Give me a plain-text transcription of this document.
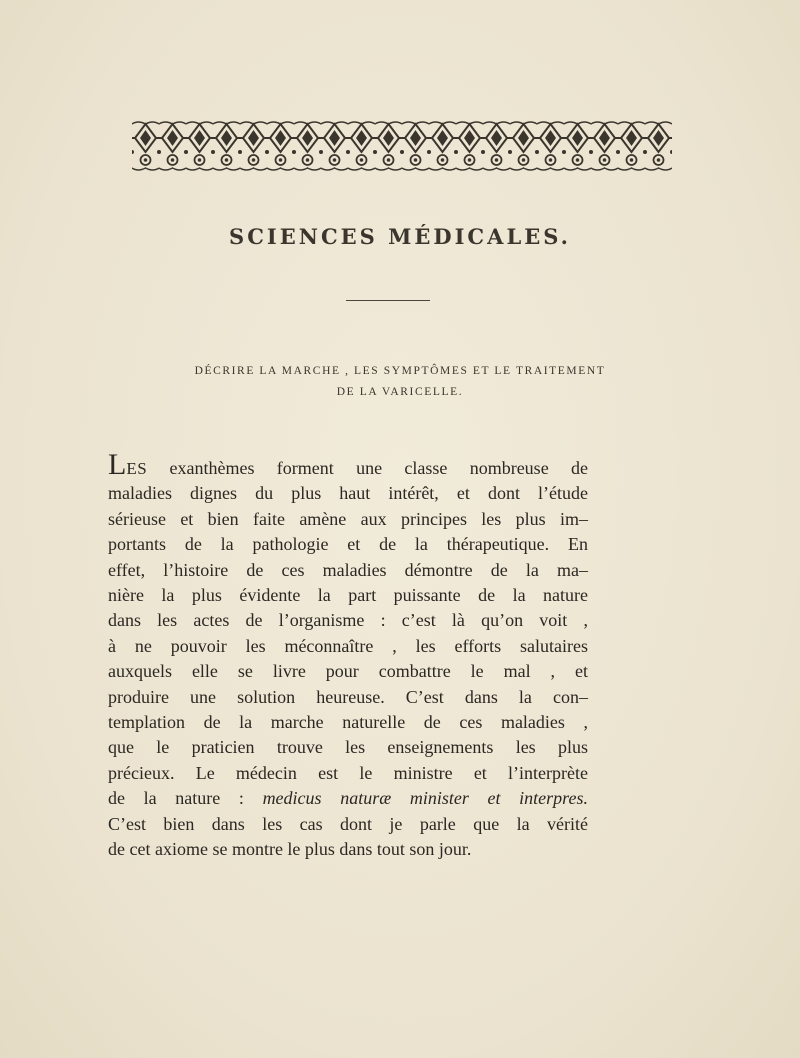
SCIENCES MÉDICALES.
DÉCRIRE LA MARCHE , LES SYMPTÔMES ET LE TRAITEMENT
DE LA VARICELLE.
LES exanthèmes forment une classe nombreuse de
maladies dignes du plus haut intérêt, et dont l’étude
sérieuse et bien faite amène aux principes les plus im–
portants de la pathologie et de la thérapeutique. En
effet, l’histoire de ces maladies démontre de la ma–
nière la plus évidente la part puissante de la nature
dans les actes de l’organisme : c’est là qu’on voit ,
à ne pouvoir les méconnaître , les efforts salutaires
auxquels elle se livre pour combattre le mal , et
produire une solution heureuse. C’est dans la con–
templation de la marche naturelle de ces maladies ,
que le praticien trouve les enseignements les plus
précieux. Le médecin est le ministre et l’interprète
de la nature : medicus naturæ minister et interpres.
C’est bien dans les cas dont je parle que la vérité
de cet axiome se montre le plus dans tout son jour.
